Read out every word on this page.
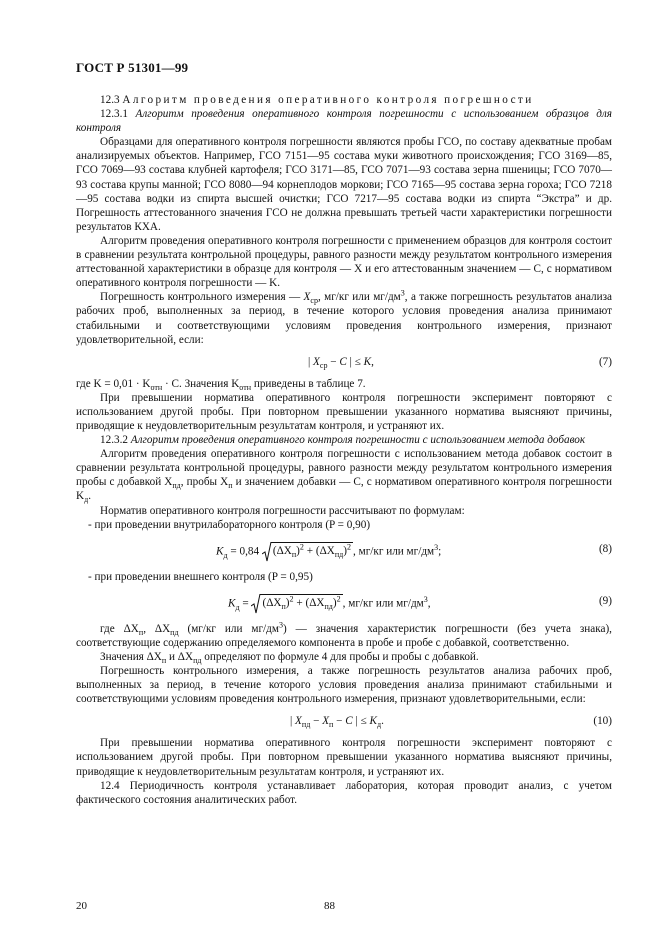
ГОСТ Р 51301—99

12.3 Алгоритм проведения оперативного контроля погрешности

12.3.1 Алгоритм проведения оперативного контроля погрешности с использованием образцов для контроля

Образцами для оперативного контроля погрешности являются пробы ГСО, по составу адекватные пробам анализируемых объектов. Например, ГСО 7151—95 состава муки животного происхождения; ГСО 3169—85, ГСО 7069—93 состава клубней картофеля; ГСО 3171—85, ГСО 7071—93 состава зерна пшеницы; ГСО 7070—93 состава крупы манной; ГСО 8080—94 корнеплодов моркови; ГСО 7165—95 состава зерна гороха; ГСО 7218—95 состава водки из спирта высшей очистки; ГСО 7217—95 состава водки из спирта “Экстра” и др. Погрешность аттестованного значения ГСО не должна превышать третьей части характеристики погрешности результатов КХА.

Алгоритм проведения оперативного контроля погрешности с применением образцов для контроля состоит в сравнении результата контрольной процедуры, равного разности между результатом контрольного измерения аттестованной характеристики в образце для контроля — X и его аттестованным значением — C, с нормативом оперативного контроля погрешности — K.

Погрешность контрольного измерения — $X_{ср}$, мг/кг или $мг/дм^3$, а также погрешность результатов анализа рабочих проб, выполненных за период, в течение которого условия проведения анализа принимают стабильными и соответствующими условиям проведения контрольного измерения, признают удовлетворительной, если:

| $X_{ср} - C$ | ≤ K,	(7)

где $K = 0,01 \cdot K_{отн} \cdot C$. Значения $K_{отн}$ приведены в таблице 7.

При превышении норматива оперативного контроля погрешности эксперимент повторяют с использованием другой пробы. При повторном превышении указанного норматива выясняют причины, приводящие к неудовлетворительным результатам контроля, и устраняют их.

12.3.2 Алгоритм проведения оперативного контроля погрешности с использованием метода добавок

Алгоритм проведения оперативного контроля погрешности с использованием метода добавок состоит в сравнении результата контрольной процедуры, равного разности между результатом контрольного измерения пробы с добавкой $X_{пд}$, пробы $X_п$ и значением добавки — C, с нормативом оперативного контроля погрешности $K_д$.

Норматив оперативного контроля погрешности рассчитывают по формулам:

- при проведении внутрилабораторного контроля (P = 0,90)

$K_д = 0,84$ $(\Delta X_п)^2 + (\Delta X_{пд})^2$ , мг/кг или $мг/дм^3$;	(8)

- при проведении внешнего контроля (P = 0,95)

$K_д = (\Delta X_п)^2 + (\Delta X_{пд})^2$ , мг/кг или $мг/дм^3$,	(9)

где $\Delta X_п$, $\Delta X_{пд}$ (мг/кг или $мг/дм^3$) — значения характеристик погрешности (без учета знака), соответствующие содержанию определяемого компонента в пробе и пробе с добавкой, соответственно.

Значения $\Delta X_п$ и $\Delta X_{пд}$ определяют по формуле 4 для пробы и пробы с добавкой.

Погрешность контрольного измерения, а также погрешность результатов анализа рабочих проб, выполненных за период, в течение которого условия проведения анализа принимают стабильными и соответствующими условиям проведения контрольного измерения, признают удовлетворительными, если:

| $X_{пд} - X_п - C$ | ≤ $K_д$.	(10)

При превышении норматива оперативного контроля погрешности эксперимент повторяют с использованием другой пробы. При повторном превышении указанного норматива выясняют причины, приводящие к неудовлетворительным результатам контроля, и устраняют их.

12.4 Периодичность контроля устанавливает лаборатория, которая проводит анализ, с учетом фактического состояния аналитических работ.

20	88
